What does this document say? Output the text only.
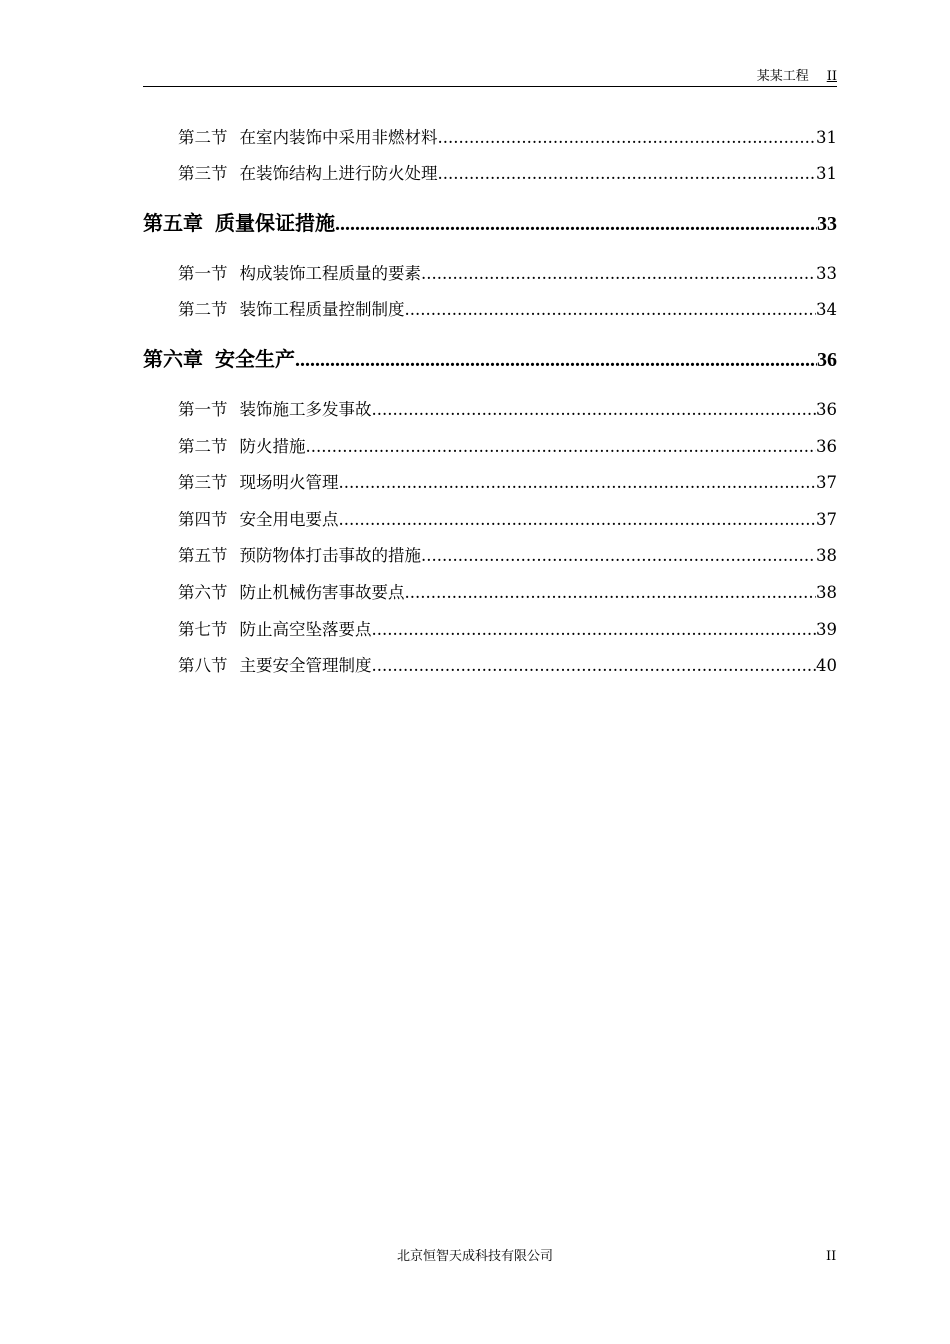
某某工程 II
第二节 在室内装饰中采用非燃材料 .....	31
第三节 在装饰结构上进行防火处理 .....	31
第五章 质量保证措施 .....	33
第一节 构成装饰工程质量的要素 .....	33
第二节 装饰工程质量控制制度 .....	34
第六章 安全生产 .....	36
第一节 装饰施工多发事故 .....	36
第二节 防火措施 .....	36
第三节 现场明火管理 .....	37
第四节 安全用电要点 .....	37
第五节 预防物体打击事故的措施 .....	38
第六节 防止机械伤害事故要点 .....	38
第七节 防止高空坠落要点 .....	39
第八节 主要安全管理制度 .....	40
北京恒智天成科技有限公司	II
